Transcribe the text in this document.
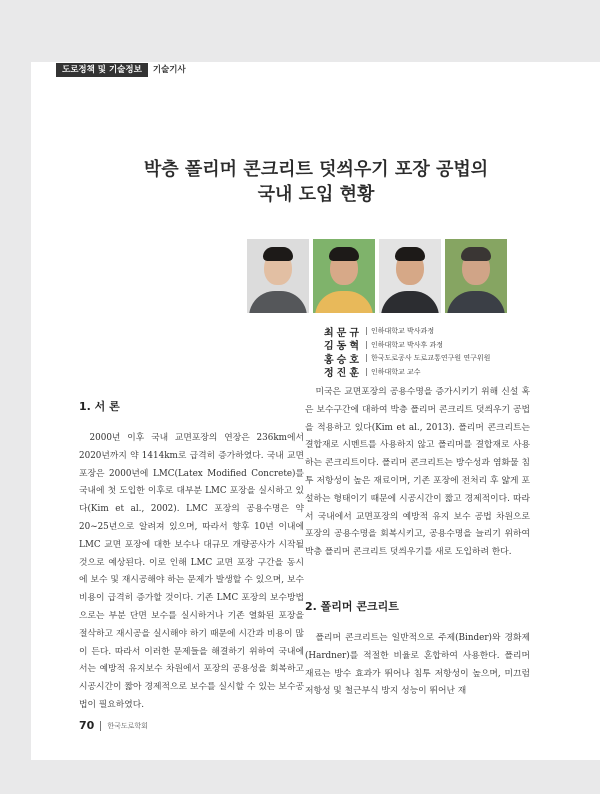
도로정책 및 기술정보	기술기사
박층 폴리머 콘크리트 덧씌우기 포장 공법의
국내 도입 현황
최문규	인하대학교 박사과정
김동혁	인하대학교 박사후 과정
홍승호	한국도로공사 도로교통연구원 연구위원
정진훈	인하대학교 교수
1. 서 론

2000년 이후 국내 교면포장의 연장은 236km에서 2020년까지 약 1414km로 급격히 증가하였다. 국내 교면포장은 2000년에 LMC(Latex Modified Concrete)를 국내에 첫 도입한 이후로 대부분 LMC 포장을 실시하고 있다(Kim et al., 2002). LMC 포장의 공용수명은 약 20~25년으로 알려져 있으며, 따라서 향후 10년 이내에 LMC 교면 포장에 대한 보수나 대규모 개량공사가 시작될 것으로 예상된다. 이로 인해 LMC 교면 포장 구간을 동시에 보수 및 재시공해야 하는 문제가 발생할 수 있으며, 보수비용이 급격히 증가할 것이다. 기존 LMC 포장의 보수방법으로는 부분 단면 보수를 실시하거나 기존 열화된 포장을 절삭하고 재시공을 실시해야 하기 때문에 시간과 비용이 많이 든다. 따라서 이러한 문제들을 해결하기 위하여 국내에서는 예방적 유지보수 차원에서 포장의 공용성을 회복하고 시공시간이 짧아 경제적으로 보수를 실시할 수 있는 보수공법이 필요하였다.

미국은 교면포장의 공용수명을 증가시키기 위해 신설 혹은 보수구간에 대하여 박층 폴리머 콘크리트 덧씌우기 공법을 적용하고 있다(Kim et al., 2013). 폴리머 콘크리트는 결합재로 시멘트를 사용하지 않고 폴리머를 결합재로 사용하는 콘크리트이다. 폴리머 콘크리트는 방수성과 염화물 침투 저항성이 높은 재료이며, 기존 포장에 전처리 후 얇게 포설하는 형태이기 때문에 시공시간이 짧고 경제적이다. 따라서 국내에서 교면포장의 예방적 유지 보수 공법 차원으로 포장의 공용수명을 회복시키고, 공용수명을 늘리기 위하여 박층 폴리머 콘크리트 덧씌우기를 새로 도입하려 한다.

2. 폴리머 콘크리트

폴리머 콘크리트는 일반적으로 주제(Binder)와 경화제(Hardner)를 적절한 비율로 혼합하여 사용한다. 폴리머 재료는 방수 효과가 뛰어나 침투 저항성이 높으며, 미끄럼저항성 및 철근부식 방지 성능이 뛰어난 재

70 한국도로학회
